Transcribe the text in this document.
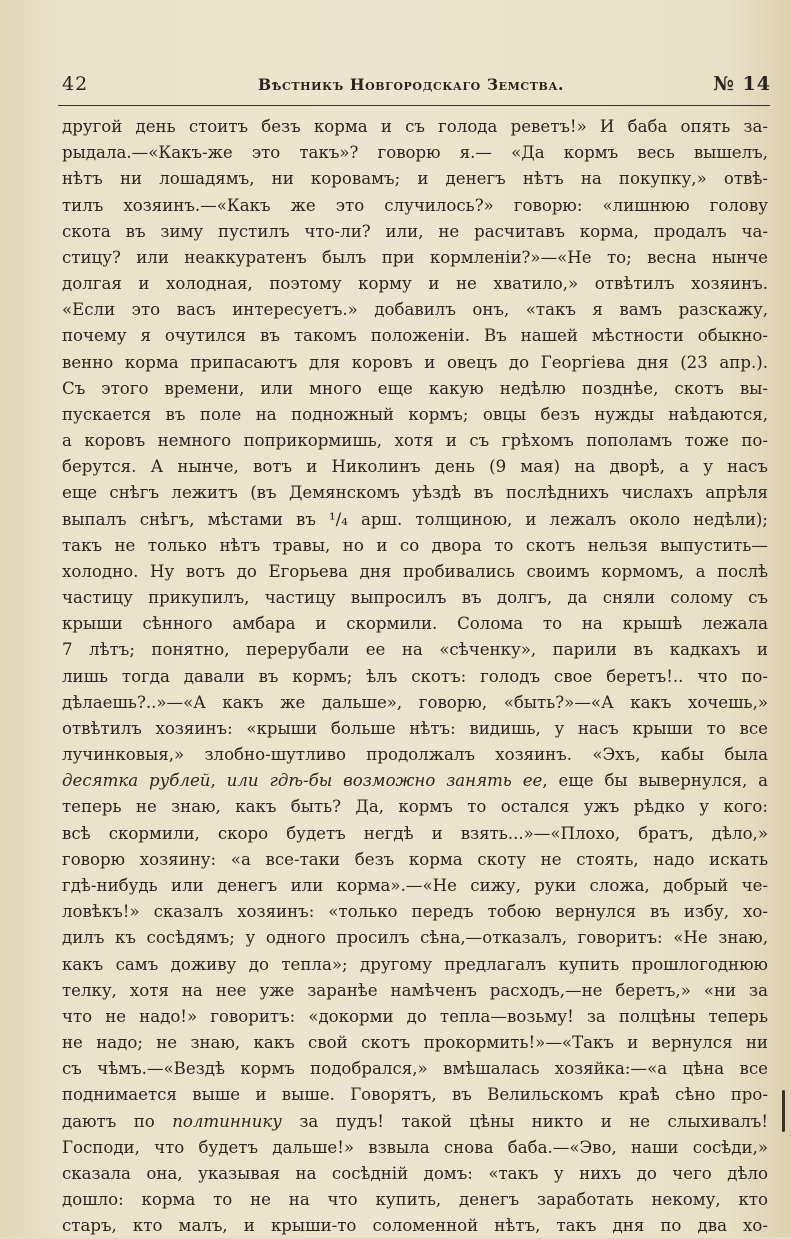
42	Вѣстникъ Новгородскаго Земства.	№ 14
другой день стоитъ безъ корма и съ голода реветъ!» И баба опять за-
рыдала.—«Какъ-же это такъ»? говорю я.— «Да кормъ весь вышелъ,
нѣтъ ни лошадямъ, ни коровамъ; и денегъ нѣтъ на покупку,» отвѣ-
тилъ хозяинъ.—«Какъ же это случилось?» говорю: «лишнюю голову
скота въ зиму пустилъ что-ли? или, не расчитавъ корма, продалъ ча-
стицу? или неаккуратенъ былъ при кормленіи?»—«Не то; весна нынче
долгая и холодная, поэтому корму и не хватило,» отвѣтилъ хозяинъ.
«Если это васъ интересуетъ.» добавилъ онъ, «такъ я вамъ разскажу,
почему я очутился въ такомъ положеніи. Въ нашей мѣстности обыкно-
венно корма припасаютъ для коровъ и овецъ до Георгіева дня (23 апр.).
Съ этого времени, или много еще какую недѣлю позднѣе, скотъ вы-
пускается въ поле на подножный кормъ; овцы безъ нужды наѣдаются,
а коровъ немного поприкормишь, хотя и съ грѣхомъ пополамъ тоже по-
берутся. А нынче, вотъ и Николинъ день (9 мая) на дворѣ, а у насъ
еще снѣгъ лежитъ (въ Демянскомъ уѣздѣ въ послѣднихъ числахъ апрѣля
выпалъ снѣгъ, мѣстами въ ¹/₄ арш. толщиною, и лежалъ около недѣли);
такъ не только нѣтъ травы, но и со двора то скотъ нельзя выпустить—
холодно. Ну вотъ до Егорьева дня пробивались своимъ кормомъ, а послѣ
частицу прикупилъ, частицу выпросилъ въ долгъ, да сняли солому съ
крыши сѣнного амбара и скормили. Солома то на крышѣ лежала
7 лѣтъ; понятно, перерубали ее на «сѣченку», парили въ кадкахъ и
лишь тогда давали въ кормъ; ѣлъ скотъ: голодъ свое беретъ!.. что по-
дѣлаешь?..»—«А какъ же дальше», говорю, «быть?»—«А какъ хочешь,»
отвѣтилъ хозяинъ: «крыши больше нѣтъ: видишь, у насъ крыши то все
лучинковыя,» злобно-шутливо продолжалъ хозяинъ. «Эхъ, кабы была
десятка рублей, или гдѣ-бы возможно занять ее, еще бы вывернулся, а
теперь не знаю, какъ быть? Да, кормъ то остался ужъ рѣдко у кого:
всѣ скормили, скоро будетъ негдѣ и взять...»—«Плохо, братъ, дѣло,»
говорю хозяину: «а все-таки безъ корма скоту не стоять, надо искать
гдѣ-нибудь или денегъ или корма».—«Не сижу, руки сложа, добрый че-
ловѣкъ!» сказалъ хозяинъ: «только передъ тобою вернулся въ избу, хо-
дилъ къ сосѣдямъ; у одного просилъ сѣна,—отказалъ, говоритъ: «Не знаю,
какъ самъ доживу до тепла»; другому предлагалъ купить прошлогоднюю
телку, хотя на нее уже заранѣе намѣченъ расходъ,—не беретъ,» «ни за
что не надо!» говоритъ: «докорми до тепла—возьму! за полцѣны теперь
не надо; не знаю, какъ свой скотъ прокормить!»—«Такъ и вернулся ни
съ чѣмъ.—«Вездѣ кормъ подобрался,» вмѣшалась хозяйка:—«а цѣна все
поднимается выше и выше. Говорятъ, въ Велильскомъ краѣ сѣно про-
даютъ по полтиннику за пудъ! такой цѣны никто и не слыхивалъ!
Господи, что будетъ дальше!» взвыла снова баба.—«Эво, наши сосѣди,»
сказала она, указывая на сосѣдній домъ: «такъ у нихъ до чего дѣло
дошло: корма то не на что купить, денегъ заработать некому, кто
старъ, кто малъ, и крыши-то соломенной нѣтъ, такъ дня по два хо-
